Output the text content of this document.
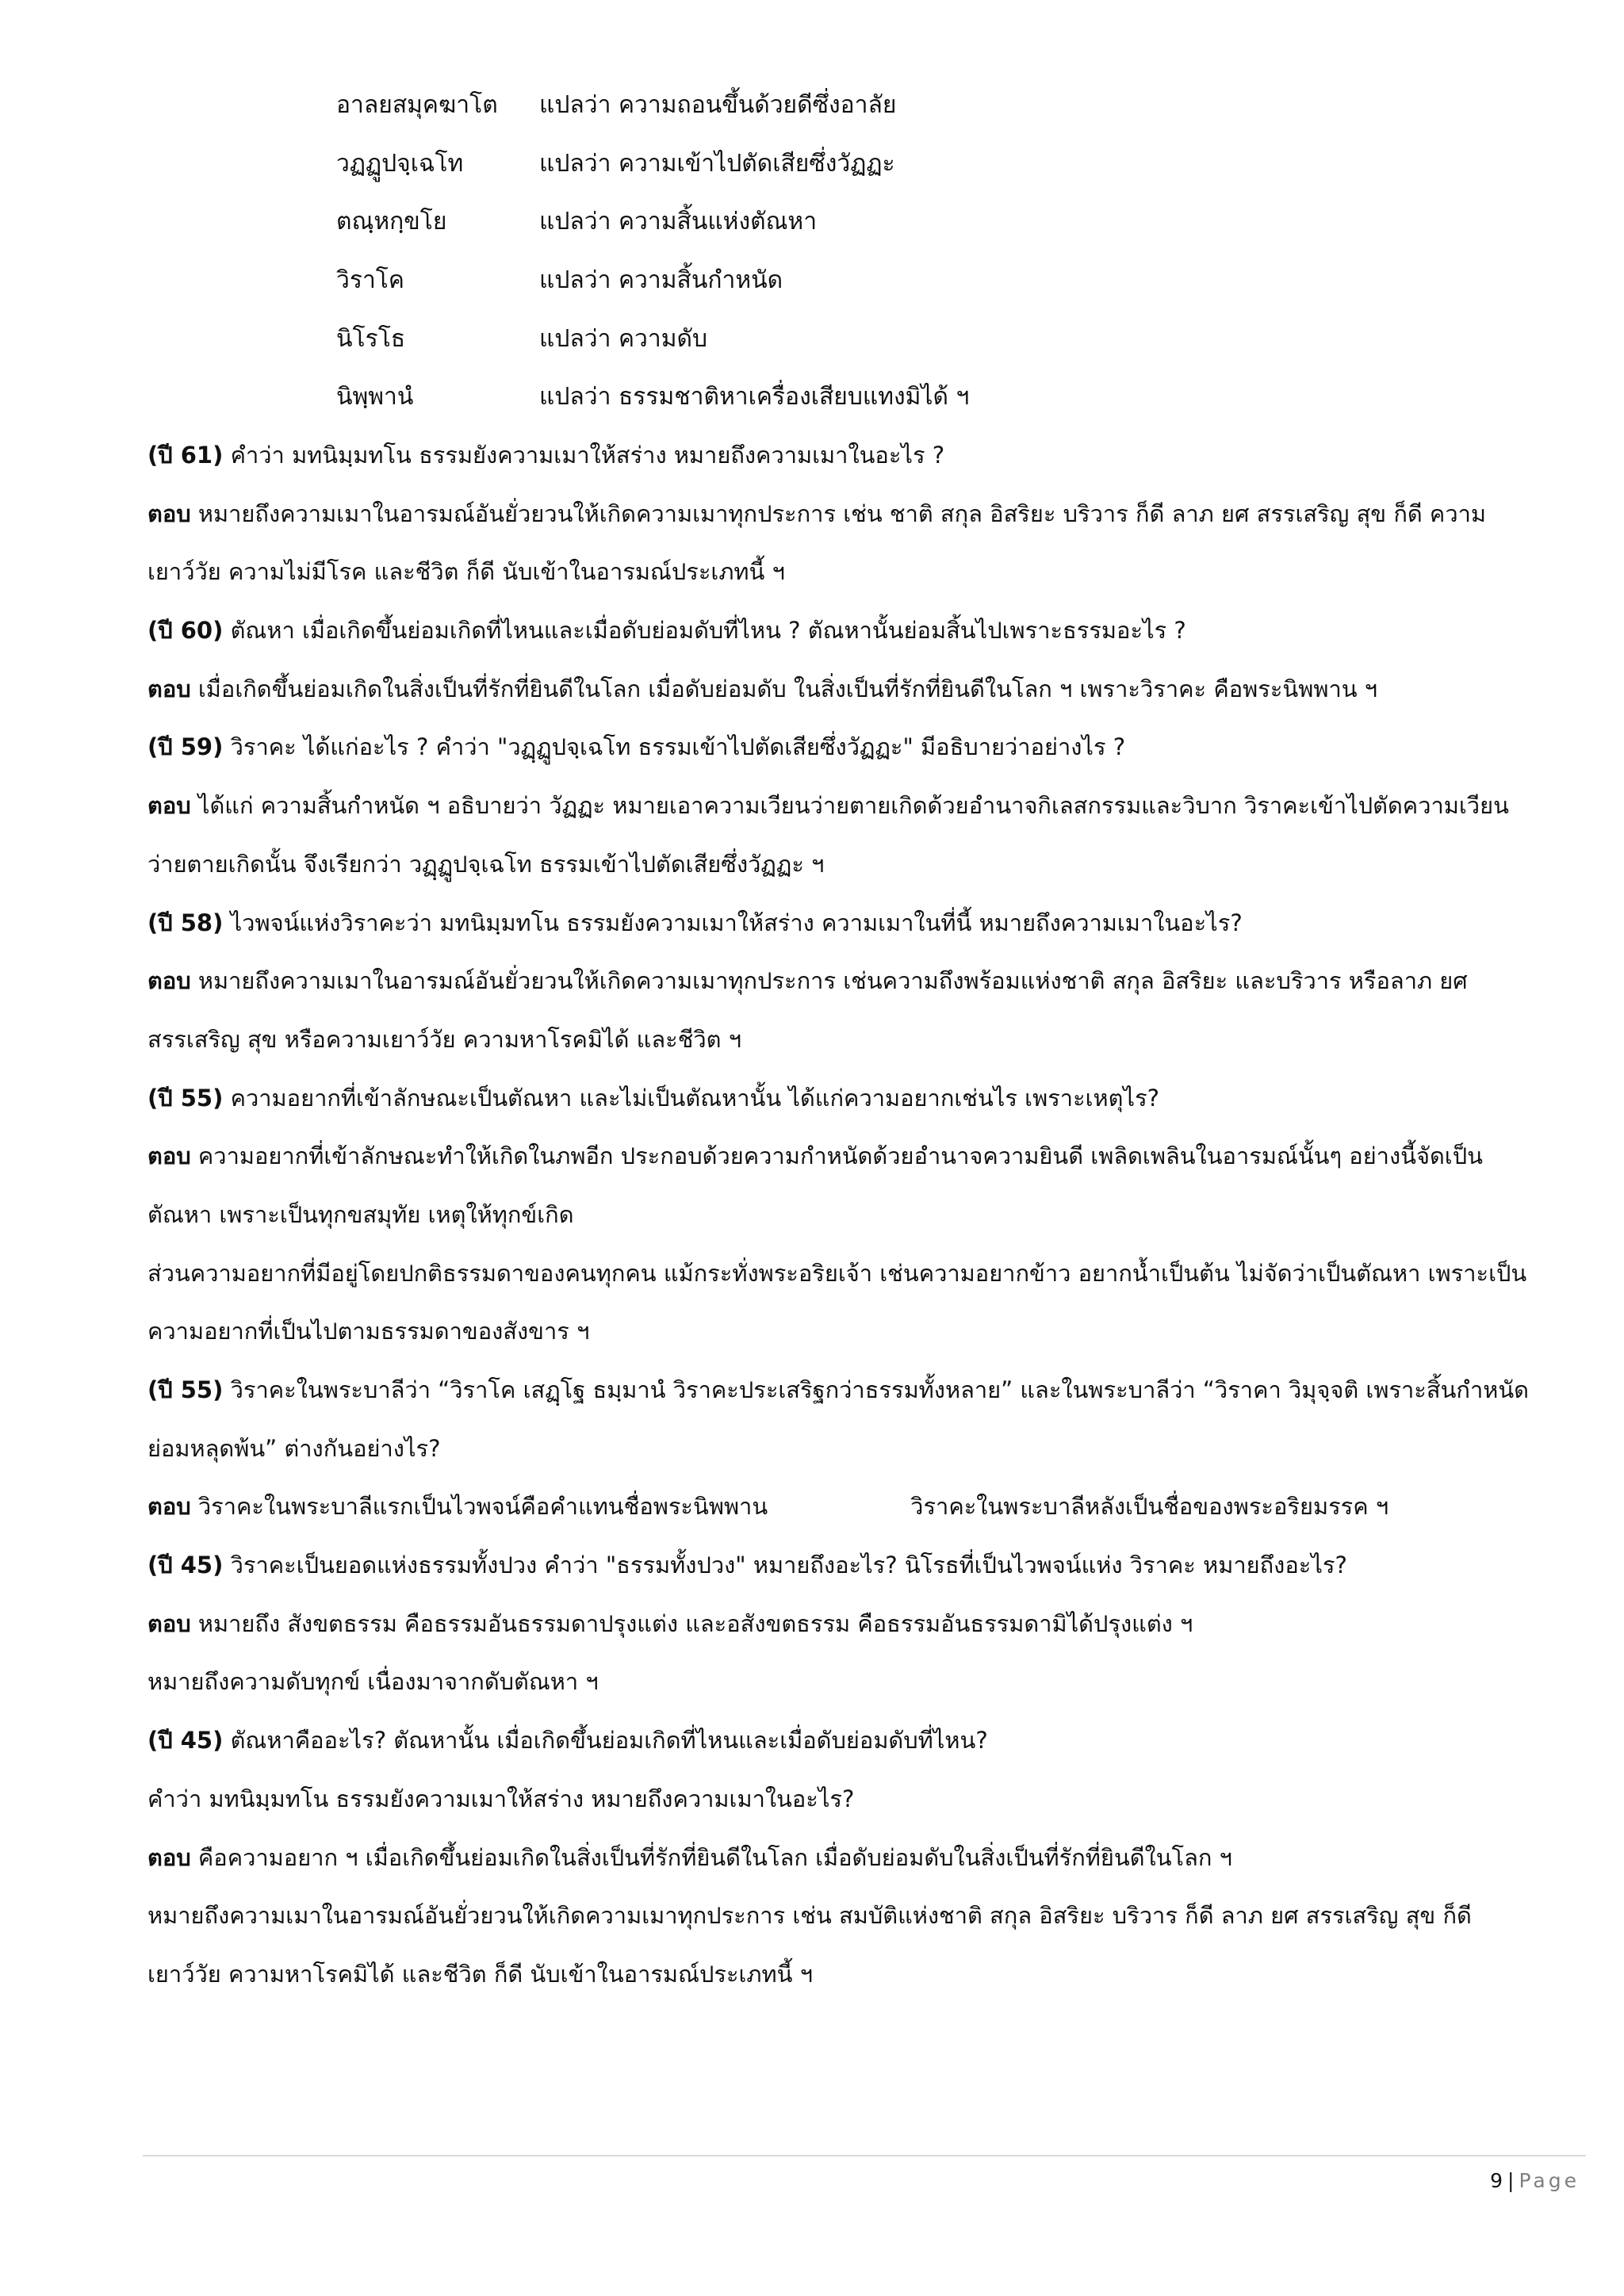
อาลยสมุคฆาโต	แปลว่า ความถอนขึ้นด้วยดีซึ่งอาลัย
วฏฏูปจฺเฉโท	แปลว่า ความเข้าไปตัดเสียซึ่งวัฏฏะ
ตณฺหกฺขโย	แปลว่า ความสิ้นแห่งตัณหา
วิราโค	แปลว่า ความสิ้นกำหนัด
นิโรโธ	แปลว่า ความดับ
นิพฺพานํ	แปลว่า ธรรมชาติหาเครื่องเสียบแทงมิได้ ฯ
(ปี 61) คำว่า มทนิมฺมทโน ธรรมยังความเมาให้สร่าง หมายถึงความเมาในอะไร ?
ตอบ หมายถึงความเมาในอารมณ์อันยั่วยวนให้เกิดความเมาทุกประการ เช่น ชาติ สกุล อิสริยะ บริวาร ก็ดี ลาภ ยศ สรรเสริญ สุข ก็ดี ความ
เยาว์วัย ความไม่มีโรค และชีวิต ก็ดี นับเข้าในอารมณ์ประเภทนี้ ฯ
(ปี 60) ตัณหา เมื่อเกิดขึ้นย่อมเกิดที่ไหนและเมื่อดับย่อมดับที่ไหน ? ตัณหานั้นย่อมสิ้นไปเพราะธรรมอะไร ?
ตอบ เมื่อเกิดขึ้นย่อมเกิดในสิ่งเป็นที่รักที่ยินดีในโลก เมื่อดับย่อมดับ ในสิ่งเป็นที่รักที่ยินดีในโลก ฯ เพราะวิราคะ คือพระนิพพาน ฯ
(ปี 59) วิราคะ ได้แก่อะไร ? คำว่า "วฏฺฏูปจฺเฉโท ธรรมเข้าไปตัดเสียซึ่งวัฏฏะ" มีอธิบายว่าอย่างไร ?
ตอบ ได้แก่ ความสิ้นกำหนัด ฯ อธิบายว่า วัฏฏะ หมายเอาความเวียนว่ายตายเกิดด้วยอำนาจกิเลสกรรมและวิบาก วิราคะเข้าไปตัดความเวียน
ว่ายตายเกิดนั้น จึงเรียกว่า วฏฺฏูปจฺเฉโท ธรรมเข้าไปตัดเสียซึ่งวัฏฏะ ฯ
(ปี 58) ไวพจน์แห่งวิราคะว่า มทนิมฺมทโน ธรรมยังความเมาให้สร่าง ความเมาในที่นี้ หมายถึงความเมาในอะไร?
ตอบ หมายถึงความเมาในอารมณ์อันยั่วยวนให้เกิดความเมาทุกประการ เช่นความถึงพร้อมแห่งชาติ สกุล อิสริยะ และบริวาร หรือลาภ ยศ
สรรเสริญ สุข หรือความเยาว์วัย ความหาโรคมิได้ และชีวิต ฯ
(ปี 55) ความอยากที่เข้าลักษณะเป็นตัณหา และไม่เป็นตัณหานั้น ได้แก่ความอยากเช่นไร เพราะเหตุไร?
ตอบ ความอยากที่เข้าลักษณะทำให้เกิดในภพอีก ประกอบด้วยความกำหนัดด้วยอำนาจความยินดี เพลิดเพลินในอารมณ์นั้นๆ อย่างนี้จัดเป็น
ตัณหา เพราะเป็นทุกขสมุทัย เหตุให้ทุกข์เกิด
ส่วนความอยากที่มีอยู่โดยปกติธรรมดาของคนทุกคน แม้กระทั่งพระอริยเจ้า เช่นความอยากข้าว อยากน้ำเป็นต้น ไม่จัดว่าเป็นตัณหา เพราะเป็น
ความอยากที่เป็นไปตามธรรมดาของสังขาร ฯ
(ปี 55) วิราคะในพระบาลีว่า “วิราโค เสฏฺโฐ ธมฺมานํ วิราคะประเสริฐกว่าธรรมทั้งหลาย” และในพระบาลีว่า “วิราคา วิมุจฺจติ เพราะสิ้นกำหนัด
ย่อมหลุดพ้น” ต่างกันอย่างไร?
ตอบ วิราคะในพระบาลีแรกเป็นไวพจน์คือคำแทนชื่อพระนิพพาน	วิราคะในพระบาลีหลังเป็นชื่อของพระอริยมรรค ฯ
(ปี 45) วิราคะเป็นยอดแห่งธรรมทั้งปวง คำว่า "ธรรมทั้งปวง" หมายถึงอะไร? นิโรธที่เป็นไวพจน์แห่ง วิราคะ หมายถึงอะไร?
ตอบ หมายถึง สังขตธรรม คือธรรมอันธรรมดาปรุงแต่ง และอสังขตธรรม คือธรรมอันธรรมดามิได้ปรุงแต่ง ฯ
หมายถึงความดับทุกข์ เนื่องมาจากดับตัณหา ฯ
(ปี 45) ตัณหาคืออะไร? ตัณหานั้น เมื่อเกิดขึ้นย่อมเกิดที่ไหนและเมื่อดับย่อมดับที่ไหน?
คำว่า มทนิมฺมทโน ธรรมยังความเมาให้สร่าง หมายถึงความเมาในอะไร?
ตอบ คือความอยาก ฯ เมื่อเกิดขึ้นย่อมเกิดในสิ่งเป็นที่รักที่ยินดีในโลก เมื่อดับย่อมดับในสิ่งเป็นที่รักที่ยินดีในโลก ฯ
หมายถึงความเมาในอารมณ์อันยั่วยวนให้เกิดความเมาทุกประการ เช่น สมบัติแห่งชาติ สกุล อิสริยะ บริวาร ก็ดี ลาภ ยศ สรรเสริญ สุข ก็ดี
เยาว์วัย ความหาโรคมิได้ และชีวิต ก็ดี นับเข้าในอารมณ์ประเภทนี้ ฯ
9 | Page
